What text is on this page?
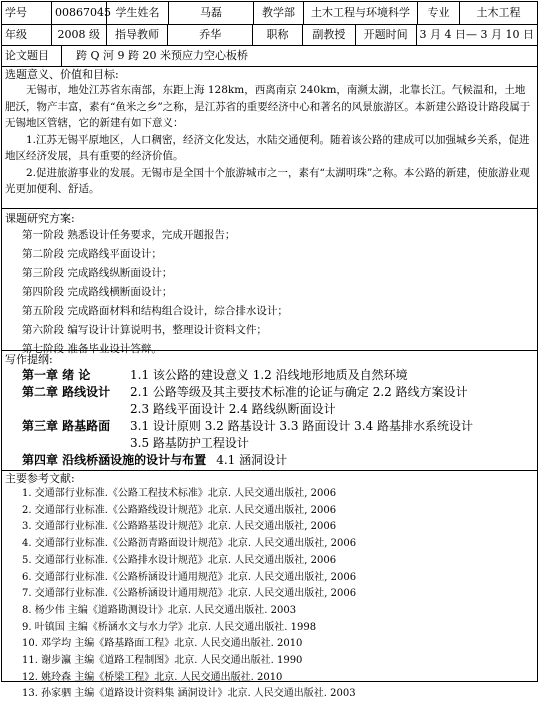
学号	00867045 学生姓名	马磊	教学部	土木工程与环境科学	专业	土木工程
年级	2008 级	指导教师	乔华	职称	副教授	开题时间	3 月 4 日— 3 月 10 日
论文题目	跨 Q 河 9 跨 20 米预应力空心板桥
选题意义、价值和目标:

无锡市，地处江苏省东南部，东距上海 128km，西离南京 240km，南濒太湖，北靠长江。气候温和，土地肥沃，物产丰富，素有“鱼米之乡”之称，是江苏省的重要经济中心和著名的风景旅游区。本新建公路设计路段属于无锡地区管辖，它的新建有如下意义：

1.江苏无锡平原地区，人口稠密，经济文化发达，水陆交通便利。随着该公路的建成可以加强城乡关系，促进地区经济发展，具有重要的经济价值。

2.促进旅游事业的发展。无锡市是全国十个旅游城市之一，素有“太湖明珠”之称。本公路的新建，使旅游业观光更加便利、舒适。

课题研究方案:
第一阶段 熟悉设计任务要求，完成开题报告；
第二阶段 完成路线平面设计；
第三阶段 完成路线纵断面设计；
第四阶段 完成路线横断面设计；
第五阶段 完成路面材料和结构组合设计，综合排水设计；
第六阶段 编写设计计算说明书，整理设计资料文件；
第七阶段 准备毕业设计答辩。
写作提纲:
第一章 绪 论	1.1 该公路的建设意义 1.2 沿线地形地质及自然环境
第二章 路线设计	2.1 公路等级及其主要技术标准的论证与确定 2.2 路线方案设计
2.3 路线平面设计 2.4 路线纵断面设计
第三章 路基路面	3.1 设计原则 3.2 路基设计 3.3 路面设计 3.4 路基排水系统设计
3.5 路基防护工程设计
第四章 沿线桥涵设施的设计与布置 4.1 涵洞设计
主要参考文献:
1. 交通部行业标准.《公路工程技术标准》北京. 人民交通出版社, 2006
2. 交通部行业标准.《公路路线设计规范》北京. 人民交通出版社, 2006
3. 交通部行业标准.《公路路基设计规范》北京. 人民交通出版社, 2006
4. 交通部行业标准.《公路沥青路面设计规范》北京. 人民交通出版社, 2006
5. 交通部行业标准.《公路排水设计规范》北京. 人民交通出版社, 2006
6. 交通部行业标准.《公路桥涵设计通用规范》北京. 人民交通出版社, 2006
7. 交通部行业标准.《公路桥涵设计通用规范》北京. 人民交通出版社, 2006
8. 杨少伟 主编《道路勘测设计》北京. 人民交通出版社. 2003
9. 叶镇国 主编《桥涵水文与水力学》北京. 人民交通出版社. 1998
10. 邓学均 主编《路基路面工程》北京. 人民交通出版社. 2010
11. 谢步瀛 主编《道路工程制图》北京. 人民交通出版社. 1990
12. 姚玲森 主编《桥梁工程》北京. 人民交通出版社. 2010
13. 孙家驷 主编《道路设计资料集 涵洞设计》北京. 人民交通出版社. 2003
